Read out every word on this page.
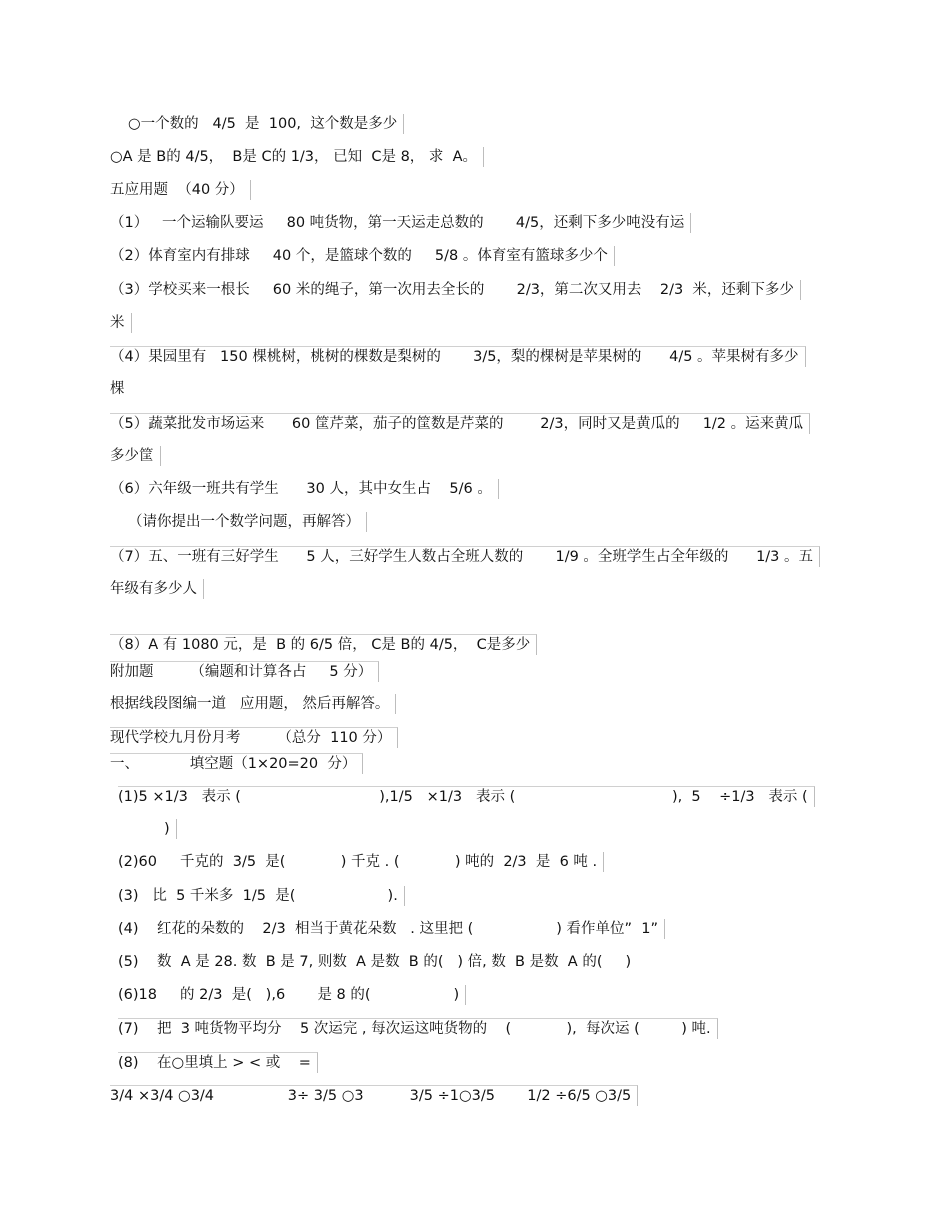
○一个数的   4/5  是  100,  这个数是多少
○A 是 B的 4/5，  B是 C的 1/3， 已知  C是 8， 求  A。
五应用题  （40 分）
（1）   一个运输队要运     80 吨货物，第一天运走总数的       4/5，还剩下多少吨没有运
（2）体育室内有排球     40 个，是篮球个数的     5/8 。体育室有篮球多少个
（3）学校买来一根长     60 米的绳子，第一次用去全长的       2/3，第二次又用去    2/3  米，还剩下多少
米
（4）果园里有   150 棵桃树，桃树的棵数是梨树的       3/5，梨的棵树是苹果树的      4/5 。苹果树有多少
棵
（5）蔬菜批发市场运来      60 筐芹菜，茄子的筐数是芹菜的        2/3，同时又是黄瓜的     1/2 。运来黄瓜
多少筐
（6）六年级一班共有学生      30 人，其中女生占    5/6 。
（请你提出一个数学问题，再解答）
（7）五、一班有三好学生      5 人，三好学生人数占全班人数的       1/9 。全班学生占全年级的      1/3 。五
年级有多少人
（8）A 有 1080 元，是  B 的 6/5 倍， C是 B的 4/5，  C是多少
附加题        （编题和计算各占     5 分）
根据线段图编一道   应用题， 然后再解答。
现代学校九月份月考        （总分  110 分）
一、           填空题（1×20=20  分）
(1)5 ×1/3   表示 (                              ),1/5   ×1/3   表示 (                                  ),  5    ÷1/3   表示 (
)
(2)60     千克的  3/5  是(            ) 千克 . (            ) 吨的  2/3  是  6 吨 .
(3)   比  5 千米多  1/5  是(                    ).
(4)    红花的朵数的    2/3  相当于黄花朵数   . 这里把 (                  ) 看作单位”  1”
(5)    数  A 是 28. 数  B 是 7, 则数  A 是数  B 的(   ) 倍, 数  B 是数  A 的(     )
(6)18     的 2/3  是(   ),6       是 8 的(                  )
(7)    把  3 吨货物平均分    5 次运完 , 每次运这吨货物的    (            ),  每次运 (         ) 吨.
(8)    在○里填上 > < 或    =
3/4 ×3/4 ○3/4                3÷ 3/5 ○3          3/5 ÷1○3/5       1/2 ÷6/5 ○3/5
